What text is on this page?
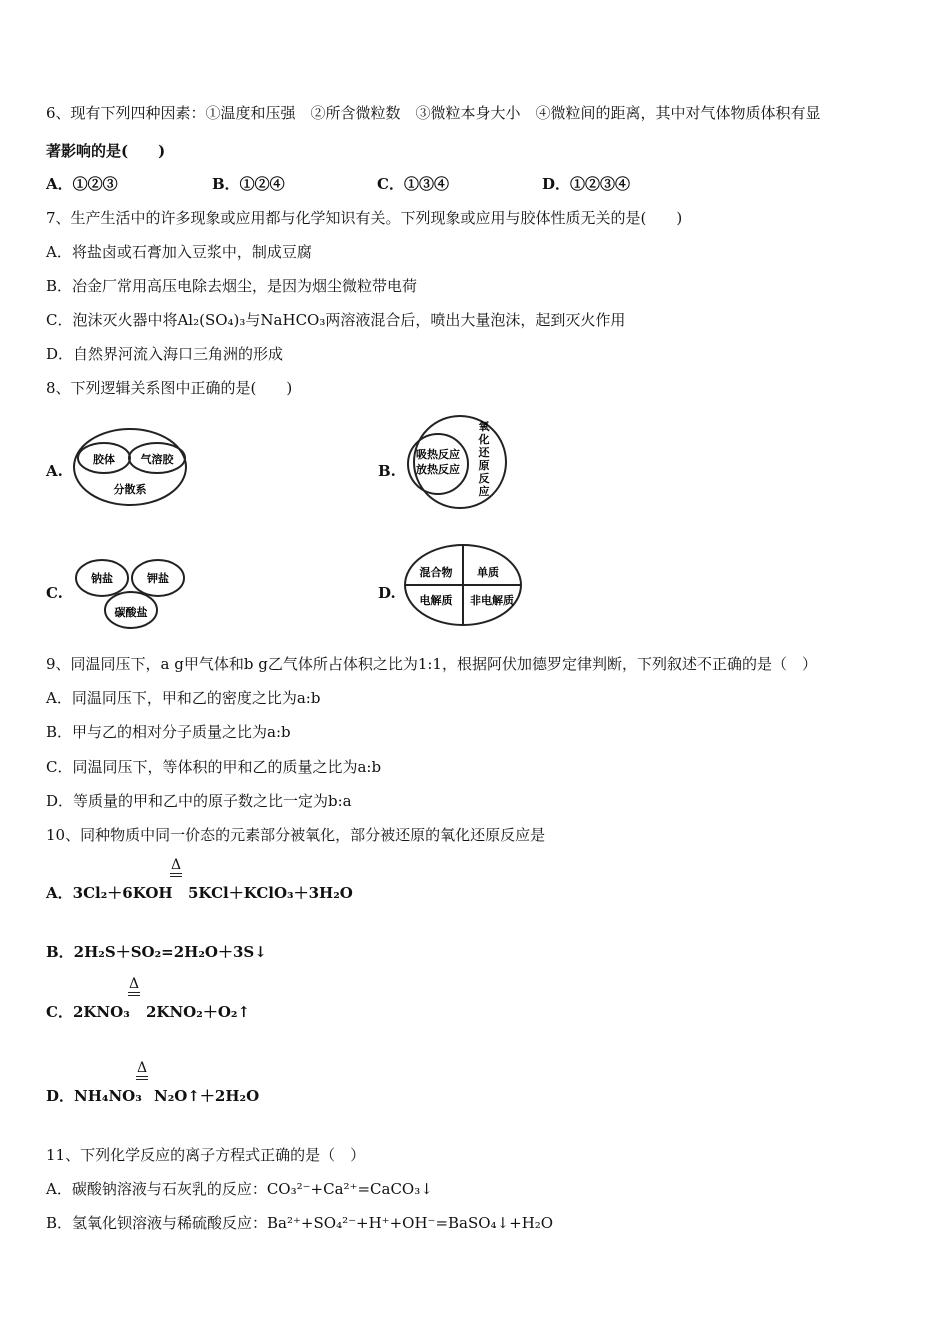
6、现有下列四种因素：①温度和压强　②所含微粒数　③微粒本身大小　④微粒间的距离，其中对气体物质体积有显
著影响的是(　　)
A．①②③	B．①②④	C．①③④	D．①②③④
7、生产生活中的许多现象或应用都与化学知识有关。下列现象或应用与胶体性质无关的是(　　)
A．将盐卤或石膏加入豆浆中，制成豆腐
B．冶金厂常用高压电除去烟尘，是因为烟尘微粒带电荷
C．泡沫灭火器中将Al₂(SO₄)₃与NaHCO₃两溶液混合后，喷出大量泡沫，起到灭火作用
D．自然界河流入海口三角洲的形成
8、下列逻辑关系图中正确的是(　　)
A.
胶体 气溶胶
分散系
B.
吸热反应
放热反应
氧
化
还
原
反
应
C.
钠盐	钾盐
碳酸盐
D.
混合物 单质
电解质 非电解质
9、同温同压下，a g甲气体和b g乙气体所占体积之比为1:1，根据阿伏加德罗定律判断，下列叙述不正确的是（　）
A．同温同压下，甲和乙的密度之比为a:b
B．甲与乙的相对分子质量之比为a:b
C．同温同压下，等体积的甲和乙的质量之比为a:b
D．等质量的甲和乙中的原子数之比一定为b:a
10、同种物质中同一价态的元素部分被氧化，部分被还原的氧化还原反应是
Δ
A．3Cl₂＋6KOH 5KCl＋KClO₃＋3H₂O
B．2H₂S＋SO₂=2H₂O＋3S↓
Δ
C．2KNO₃ 2KNO₂＋O₂↑
Δ
D．NH₄NO₃ N₂O↑＋2H₂O
11、下列化学反应的离子方程式正确的是（　）
A．碳酸钠溶液与石灰乳的反应：CO₃²⁻+Ca²⁺=CaCO₃↓
B．氢氧化钡溶液与稀硫酸反应：Ba²⁺+SO₄²⁻+H⁺+OH⁻=BaSO₄↓+H₂O
